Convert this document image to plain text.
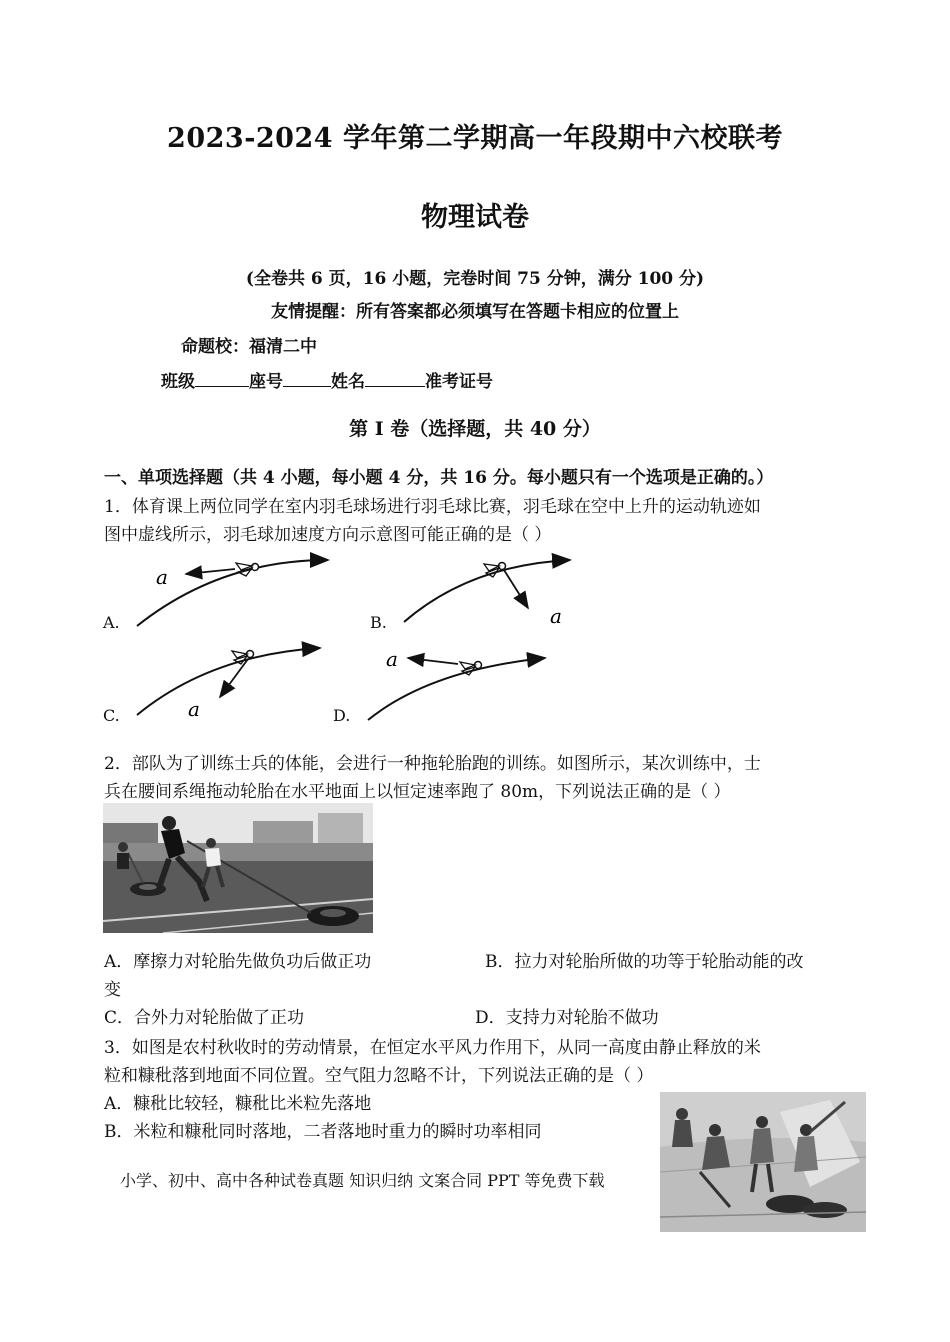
2023-2024 学年第二学期高一年段期中六校联考
物理试卷
(全卷共 6 页，16 小题，完卷时间 75 分钟，满分 100 分)
友情提醒：所有答案都必须填写在答题卡相应的位置上
命题校：福清二中
班级	座号	姓名	准考证号
第 I 卷（选择题，共 40 分）
一、单项选择题（共 4 小题，每小题 4 分，共 16 分。每小题只有一个选项是正确的。）
1．体育课上两位同学在室内羽毛球场进行羽毛球比赛，羽毛球在空中上升的运动轨迹如
图中虚线所示，羽毛球加速度方向示意图可能正确的是（ ）
a
a
a
a
A.	B.
C.	D.
2．部队为了训练士兵的体能，会进行一种拖轮胎跑的训练。如图所示，某次训练中，士
兵在腰间系绳拖动轮胎在水平地面上以恒定速率跑了 80m，下列说法正确的是（ ）
A．摩擦力对轮胎先做负功后做正功	B．拉力对轮胎所做的功等于轮胎动能的改
变
C．合外力对轮胎做了正功	D．支持力对轮胎不做功
3．如图是农村秋收时的劳动情景，在恒定水平风力作用下，从同一高度由静止释放的米
粒和糠秕落到地面不同位置。空气阻力忽略不计，下列说法正确的是（ ）
A．糠秕比较轻，糠秕比米粒先落地
B．米粒和糠秕同时落地，二者落地时重力的瞬时功率相同
小学、初中、高中各种试卷真题 知识归纳 文案合同 PPT 等免费下载
